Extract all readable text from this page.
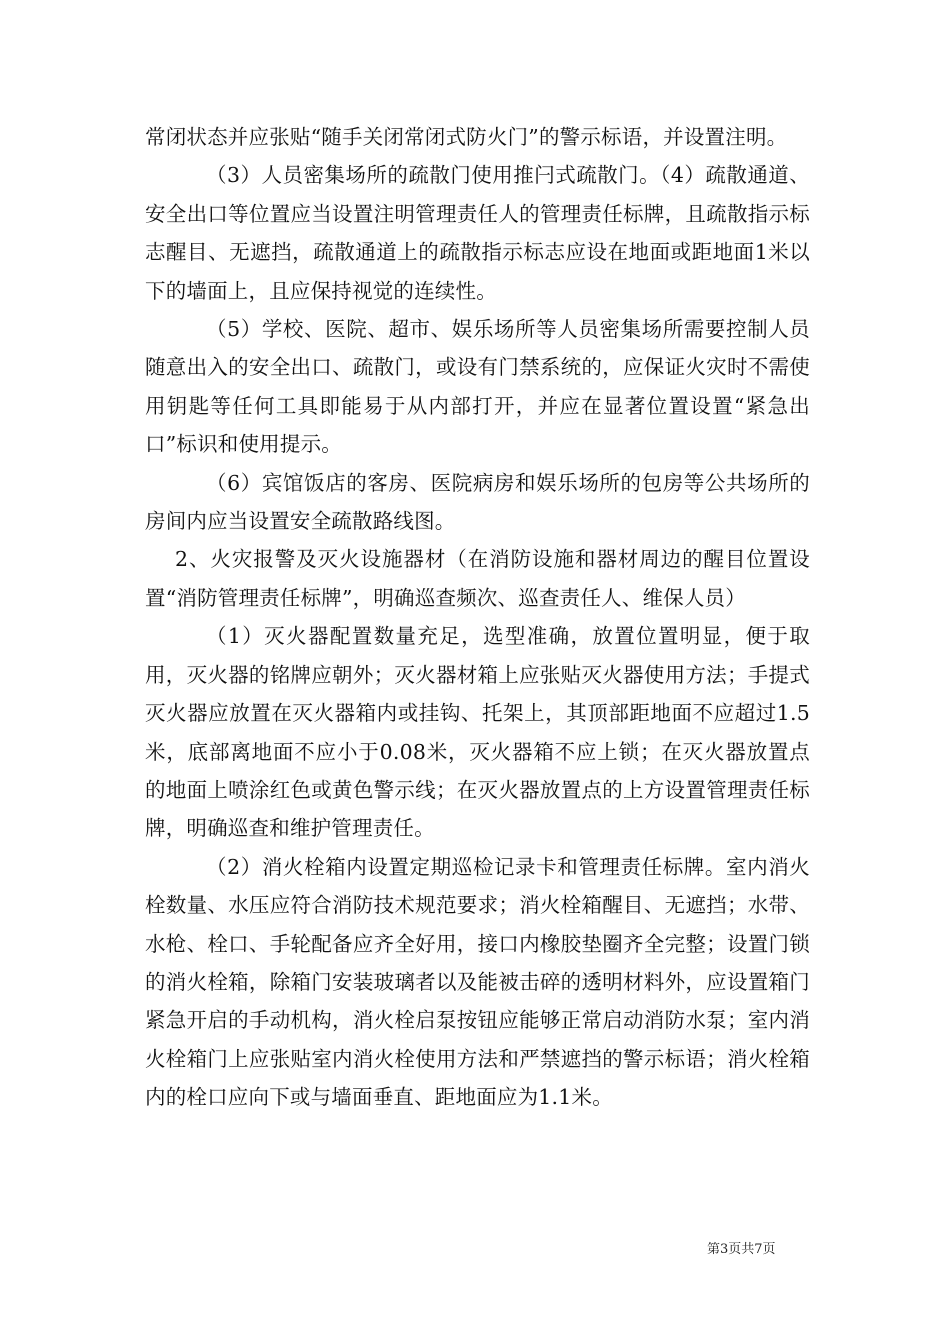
常闭状态并应张贴“随手关闭常闭式防火门”的警示标语，并设置注明。

（3）人员密集场所的疏散门使用推闩式疏散门。（4）疏散通道、安全出口等位置应当设置注明管理责任人的管理责任标牌，且疏散指示标志醒目、无遮挡，疏散通道上的疏散指示标志应设在地面或距地面1米以下的墙面上，且应保持视觉的连续性。

（5）学校、医院、超市、娱乐场所等人员密集场所需要控制人员随意出入的安全出口、疏散门，或设有门禁系统的，应保证火灾时不需使用钥匙等任何工具即能易于从内部打开，并应在显著位置设置“紧急出口”标识和使用提示。

（6）宾馆饭店的客房、医院病房和娱乐场所的包房等公共场所的房间内应当设置安全疏散路线图。

2、火灾报警及灭火设施器材（在消防设施和器材周边的醒目位置设置“消防管理责任标牌”，明确巡查频次、巡查责任人、维保人员）

（1）灭火器配置数量充足，选型准确，放置位置明显，便于取用，灭火器的铭牌应朝外；灭火器材箱上应张贴灭火器使用方法；手提式灭火器应放置在灭火器箱内或挂钩、托架上，其顶部距地面不应超过1.5米，底部离地面不应小于0.08米，灭火器箱不应上锁；在灭火器放置点的地面上喷涂红色或黄色警示线；在灭火器放置点的上方设置管理责任标牌，明确巡查和维护管理责任。

（2）消火栓箱内设置定期巡检记录卡和管理责任标牌。室内消火栓数量、水压应符合消防技术规范要求；消火栓箱醒目、无遮挡；水带、水枪、栓口、手轮配备应齐全好用，接口内橡胶垫圈齐全完整；设置门锁的消火栓箱，除箱门安装玻璃者以及能被击碎的透明材料外，应设置箱门紧急开启的手动机构，消火栓启泵按钮应能够正常启动消防水泵；室内消火栓箱门上应张贴室内消火栓使用方法和严禁遮挡的警示标语；消火栓箱内的栓口应向下或与墙面垂直、距地面应为1.1米。

第3页共7页
